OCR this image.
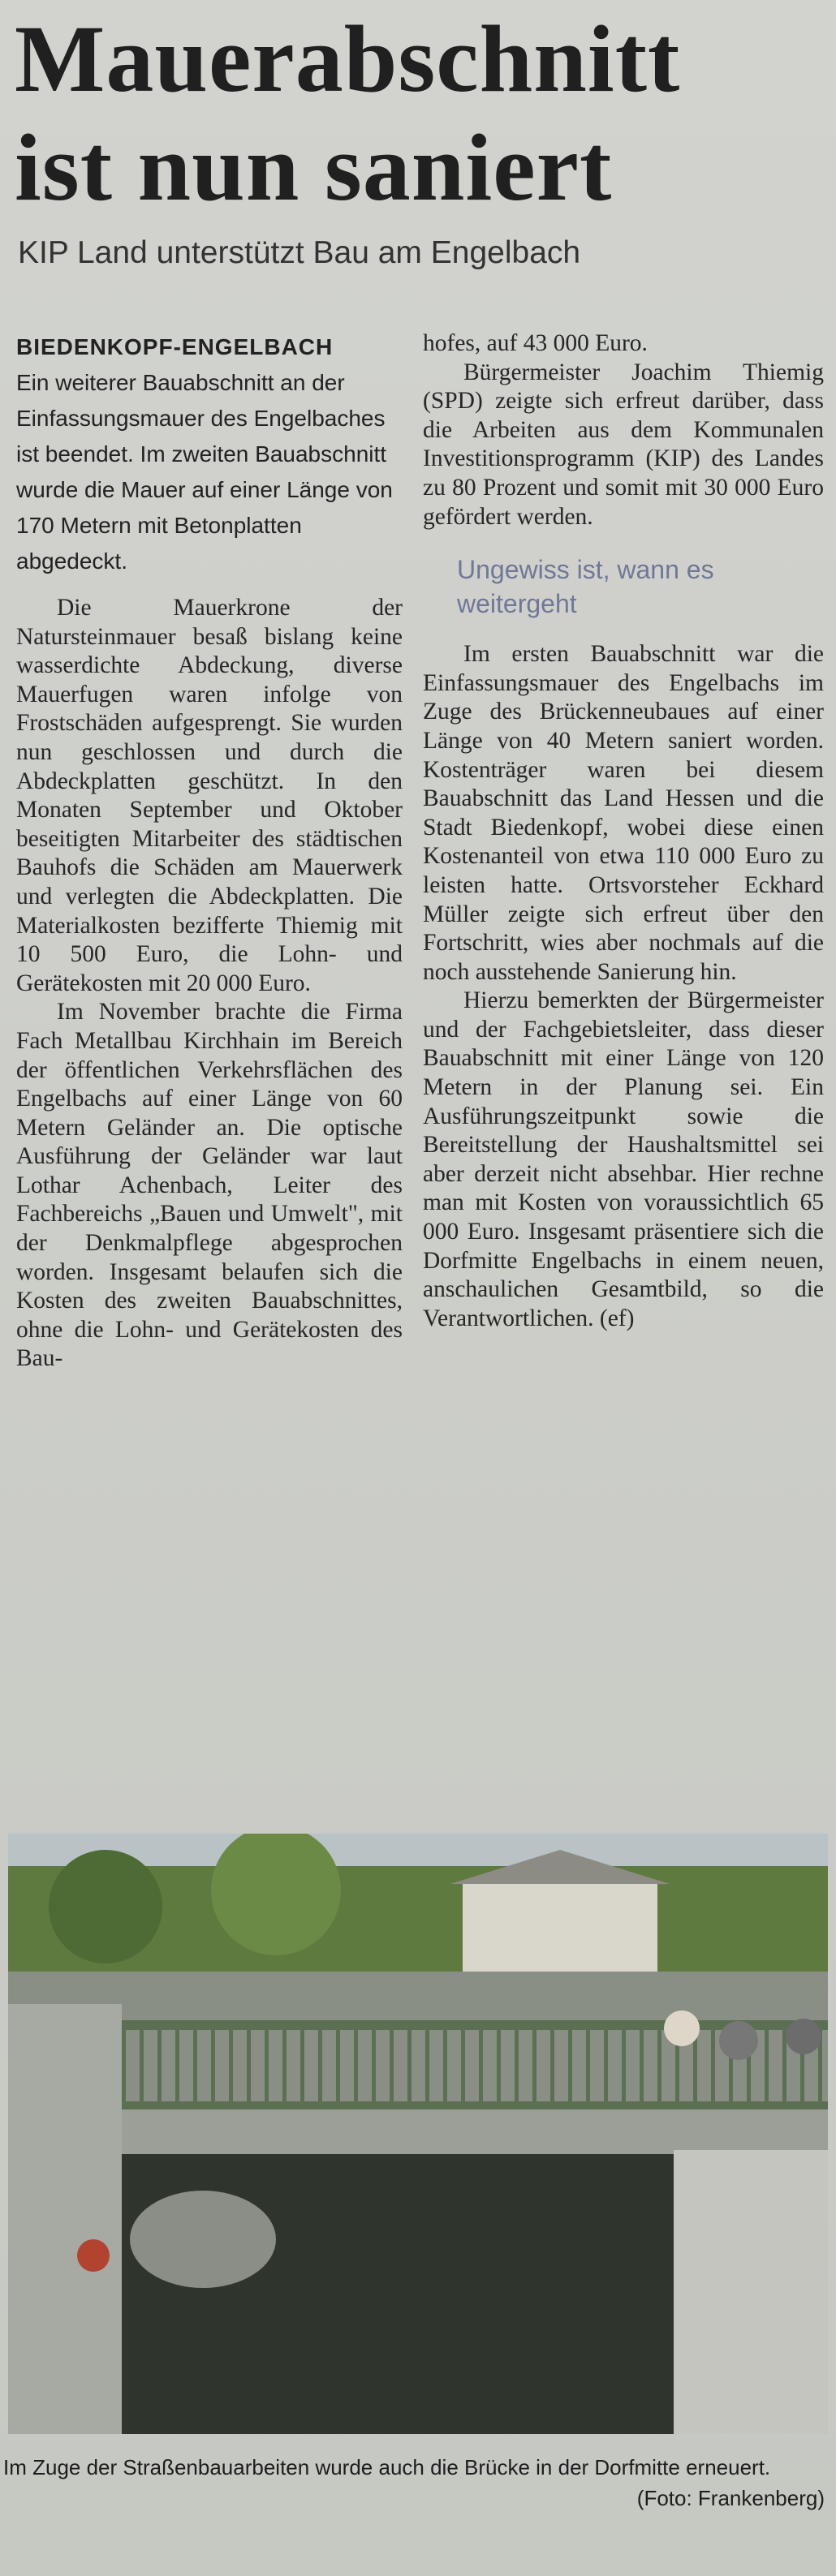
Mauerabschnitt
ist nun saniert
KIP Land unterstützt Bau am Engelbach

BIEDENKOPF-ENGELBACH
Ein weiterer Bauabschnitt an der Einfassungsmauer des Engelbaches ist beendet. Im zweiten Bauabschnitt wurde die Mauer auf einer Länge von 170 Metern mit Betonplatten abgedeckt.

Die Mauerkrone der Natursteinmauer besaß bislang keine wasserdichte Abdeckung, diverse Mauerfugen waren infolge von Frostschäden aufgesprengt. Sie wurden nun geschlossen und durch die Abdeckplatten geschützt. In den Monaten September und Oktober beseitigten Mitarbeiter des städtischen Bauhofs die Schäden am Mauerwerk und verlegten die Abdeckplatten. Die Materialkosten bezifferte Thiemig mit 10 500 Euro, die Lohn- und Gerätekosten mit 20 000 Euro.

Im November brachte die Firma Fach Metallbau Kirchhain im Bereich der öffentlichen Verkehrsflächen des Engelbachs auf einer Länge von 60 Metern Geländer an. Die optische Ausführung der Geländer war laut Lothar Achenbach, Leiter des Fachbereichs „Bauen und Umwelt", mit der Denkmalpflege abgesprochen worden. Insgesamt belaufen sich die Kosten des zweiten Bauabschnittes, ohne die Lohn- und Gerätekosten des Bau-

hofes, auf 43 000 Euro.

Bürgermeister Joachim Thiemig (SPD) zeigte sich erfreut darüber, dass die Arbeiten aus dem Kommunalen Investitionsprogramm (KIP) des Landes zu 80 Prozent und somit mit 30 000 Euro gefördert werden.

Ungewiss ist, wann es weitergeht

Im ersten Bauabschnitt war die Einfassungsmauer des Engelbachs im Zuge des Brückenneubaues auf einer Länge von 40 Metern saniert worden. Kostenträger waren bei diesem Bauabschnitt das Land Hessen und die Stadt Biedenkopf, wobei diese einen Kostenanteil von etwa 110 000 Euro zu leisten hatte. Ortsvorsteher Eckhard Müller zeigte sich erfreut über den Fortschritt, wies aber nochmals auf die noch ausstehende Sanierung hin.

Hierzu bemerkten der Bürgermeister und der Fachgebietsleiter, dass dieser Bauabschnitt mit einer Länge von 120 Metern in der Planung sei. Ein Ausführungszeitpunkt sowie die Bereitstellung der Haushaltsmittel sei aber derzeit nicht absehbar. Hier rechne man mit Kosten von voraussichtlich 65 000 Euro. Insgesamt präsentiere sich die Dorfmitte Engelbachs in einem neuen, anschaulichen Gesamtbild, so die Verantwortlichen. (ef)

Im Zuge der Straßenbauarbeiten wurde auch die Brücke in der Dorfmitte erneuert.
(Foto: Frankenberg)
